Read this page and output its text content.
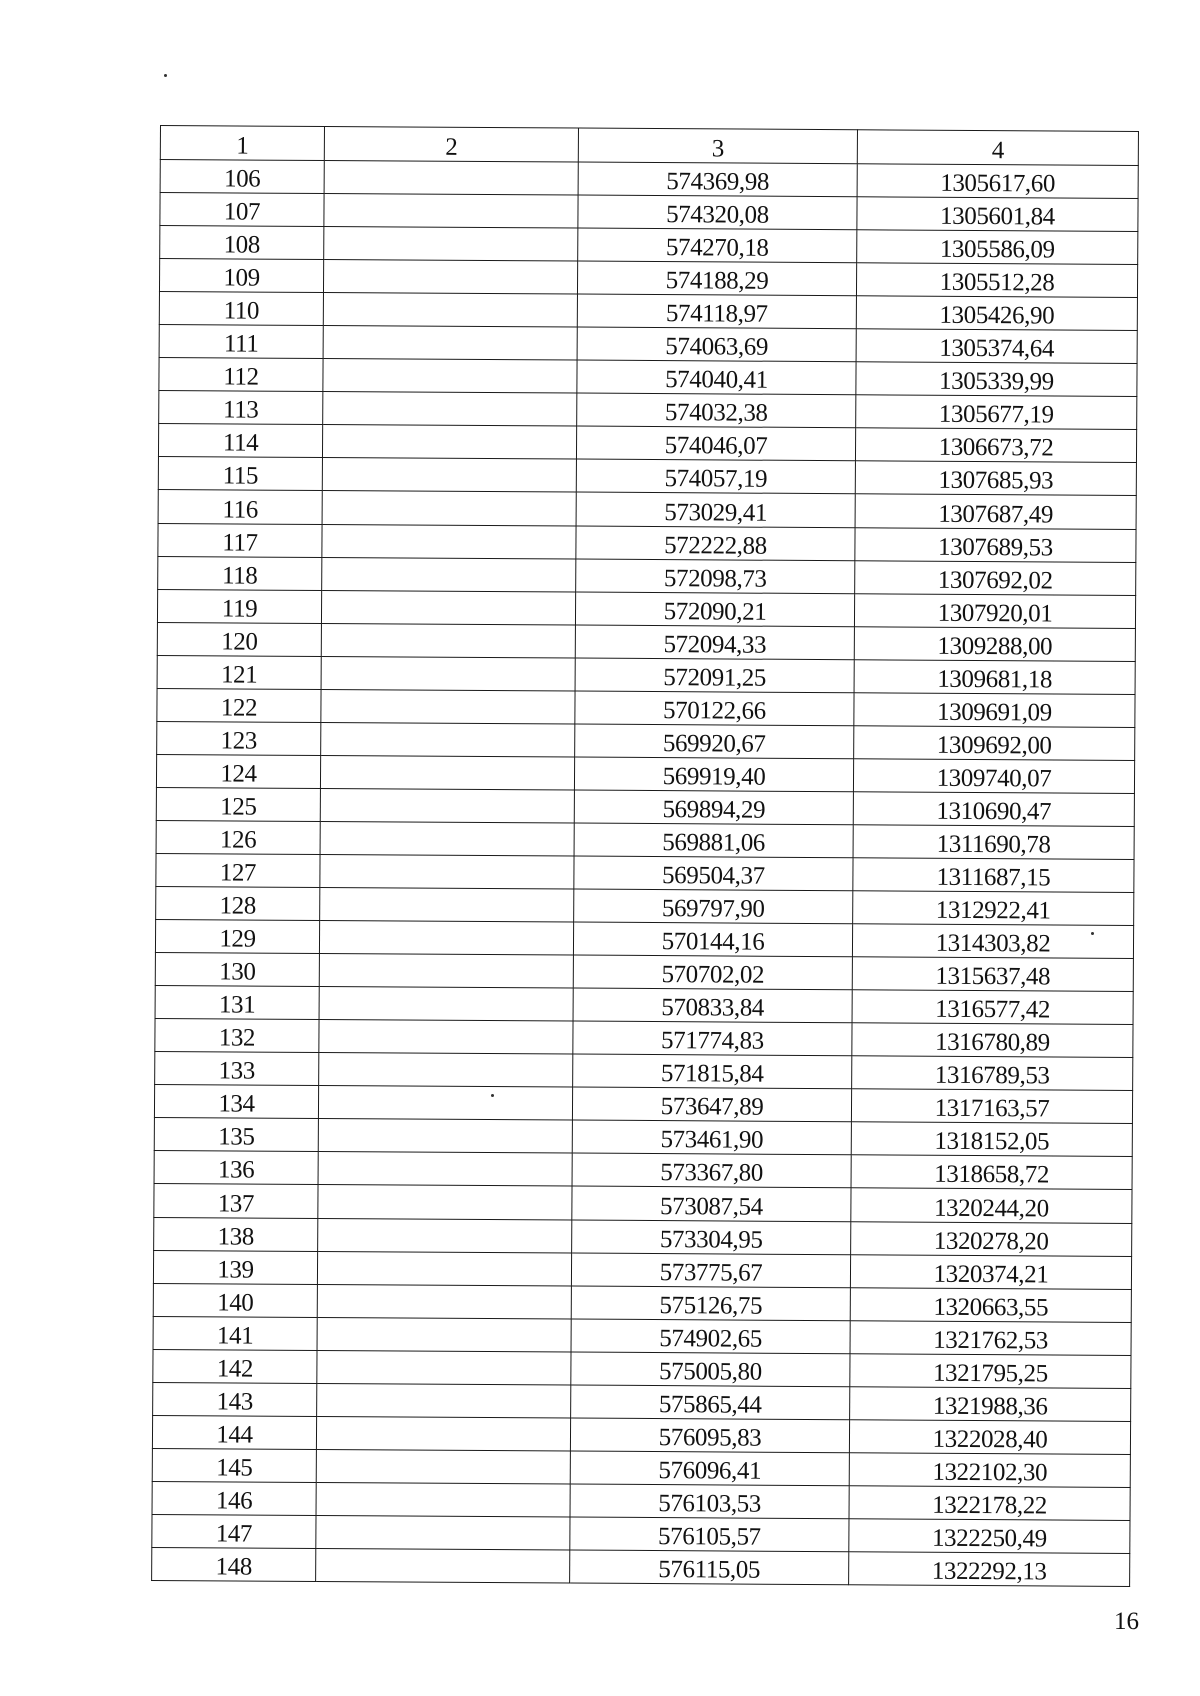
1	2	3	4
106		574369,98	1305617,60
107		574320,08	1305601,84
108		574270,18	1305586,09
109		574188,29	1305512,28
110		574118,97	1305426,90
111		574063,69	1305374,64
112		574040,41	1305339,99
113		574032,38	1305677,19
114		574046,07	1306673,72
115		574057,19	1307685,93
116		573029,41	1307687,49
117		572222,88	1307689,53
118		572098,73	1307692,02
119		572090,21	1307920,01
120		572094,33	1309288,00
121		572091,25	1309681,18
122		570122,66	1309691,09
123		569920,67	1309692,00
124		569919,40	1309740,07
125		569894,29	1310690,47
126		569881,06	1311690,78
127		569504,37	1311687,15
128		569797,90	1312922,41
129		570144,16	1314303,82
130		570702,02	1315637,48
131		570833,84	1316577,42
132		571774,83	1316780,89
133		571815,84	1316789,53
134		573647,89	1317163,57
135		573461,90	1318152,05
136		573367,80	1318658,72
137		573087,54	1320244,20
138		573304,95	1320278,20
139		573775,67	1320374,21
140		575126,75	1320663,55
141		574902,65	1321762,53
142		575005,80	1321795,25
143		575865,44	1321988,36
144		576095,83	1322028,40
145		576096,41	1322102,30
146		576103,53	1322178,22
147		576105,57	1322250,49
148		576115,05	1322292,13
16
